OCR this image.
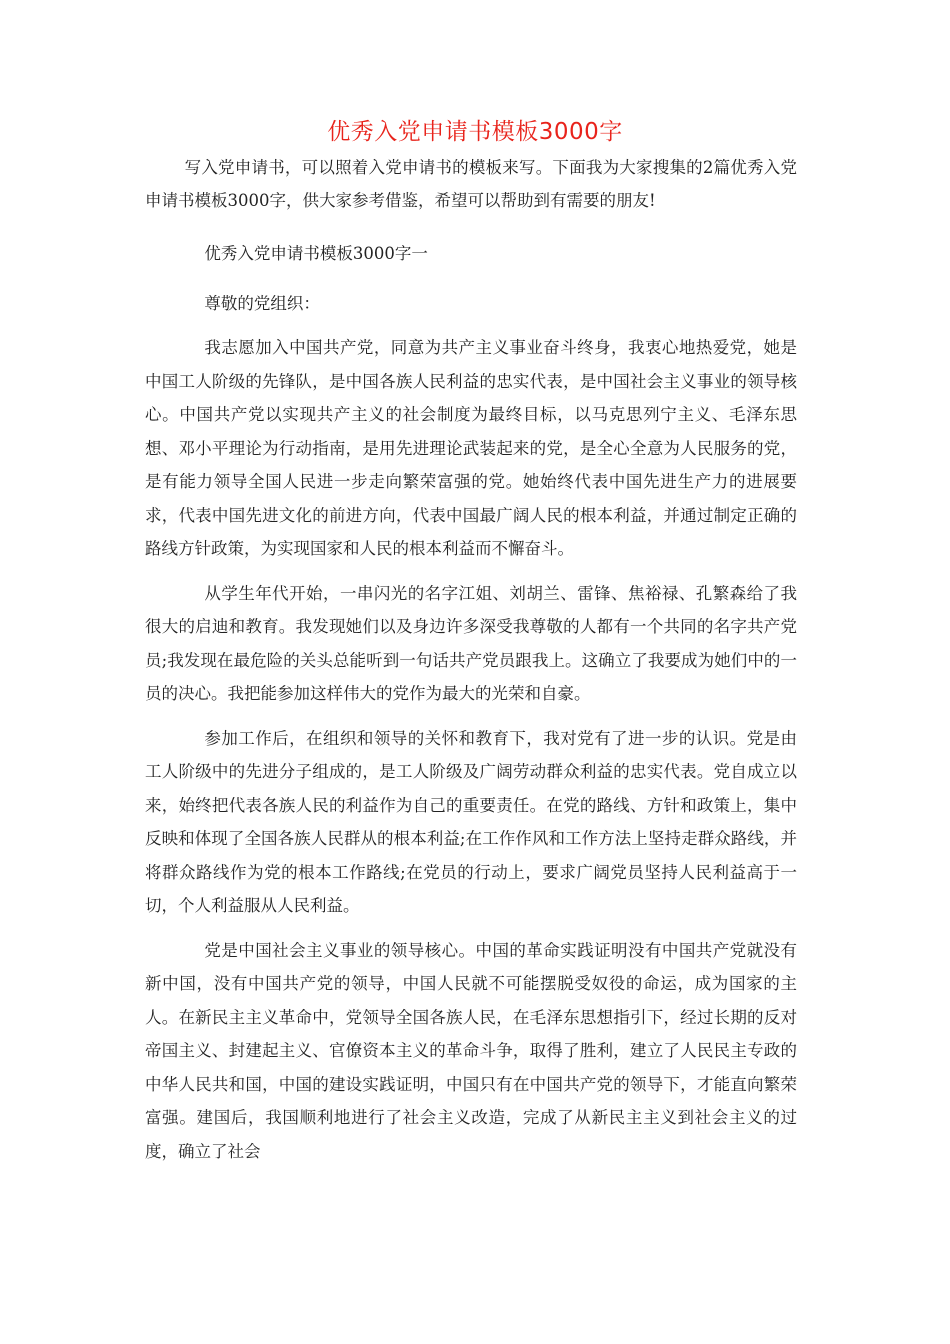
优秀入党申请书模板3000字

写入党申请书，可以照着入党申请书的模板来写。下面我为大家搜集的2篇优秀入党申请书模板3000字，供大家参考借鉴，希望可以帮助到有需要的朋友!

优秀入党申请书模板3000字一

尊敬的党组织：

我志愿加入中国共产党，同意为共产主义事业奋斗终身，我衷心地热爱党，她是中国工人阶级的先锋队，是中国各族人民利益的忠实代表，是中国社会主义事业的领导核心。中国共产党以实现共产主义的社会制度为最终目标，以马克思列宁主义、毛泽东思想、邓小平理论为行动指南，是用先进理论武装起来的党，是全心全意为人民服务的党，是有能力领导全国人民进一步走向繁荣富强的党。她始终代表中国先进生产力的进展要求，代表中国先进文化的前进方向，代表中国最广阔人民的根本利益，并通过制定正确的路线方针政策，为实现国家和人民的根本利益而不懈奋斗。

从学生年代开始，一串闪光的名字江姐、刘胡兰、雷锋、焦裕禄、孔繁森给了我很大的启迪和教育。我发现她们以及身边许多深受我尊敬的人都有一个共同的名字共产党员;我发现在最危险的关头总能听到一句话共产党员跟我上。这确立了我要成为她们中的一员的决心。我把能参加这样伟大的党作为最大的光荣和自豪。

参加工作后，在组织和领导的关怀和教育下，我对党有了进一步的认识。党是由工人阶级中的先进分子组成的，是工人阶级及广阔劳动群众利益的忠实代表。党自成立以来，始终把代表各族人民的利益作为自己的重要责任。在党的路线、方针和政策上，集中反映和体现了全国各族人民群从的根本利益;在工作作风和工作方法上坚持走群众路线，并将群众路线作为党的根本工作路线;在党员的行动上，要求广阔党员坚持人民利益高于一切，个人利益服从人民利益。

党是中国社会主义事业的领导核心。中国的革命实践证明没有中国共产党就没有新中国，没有中国共产党的领导，中国人民就不可能摆脱受奴役的命运，成为国家的主人。在新民主主义革命中，党领导全国各族人民，在毛泽东思想指引下，经过长期的反对帝国主义、封建起主义、官僚资本主义的革命斗争，取得了胜利，建立了人民民主专政的中华人民共和国，中国的建设实践证明，中国只有在中国共产党的领导下，才能直向繁荣富强。建国后，我国顺利地进行了社会主义改造，完成了从新民主主义到社会主义的过度，确立了社会
